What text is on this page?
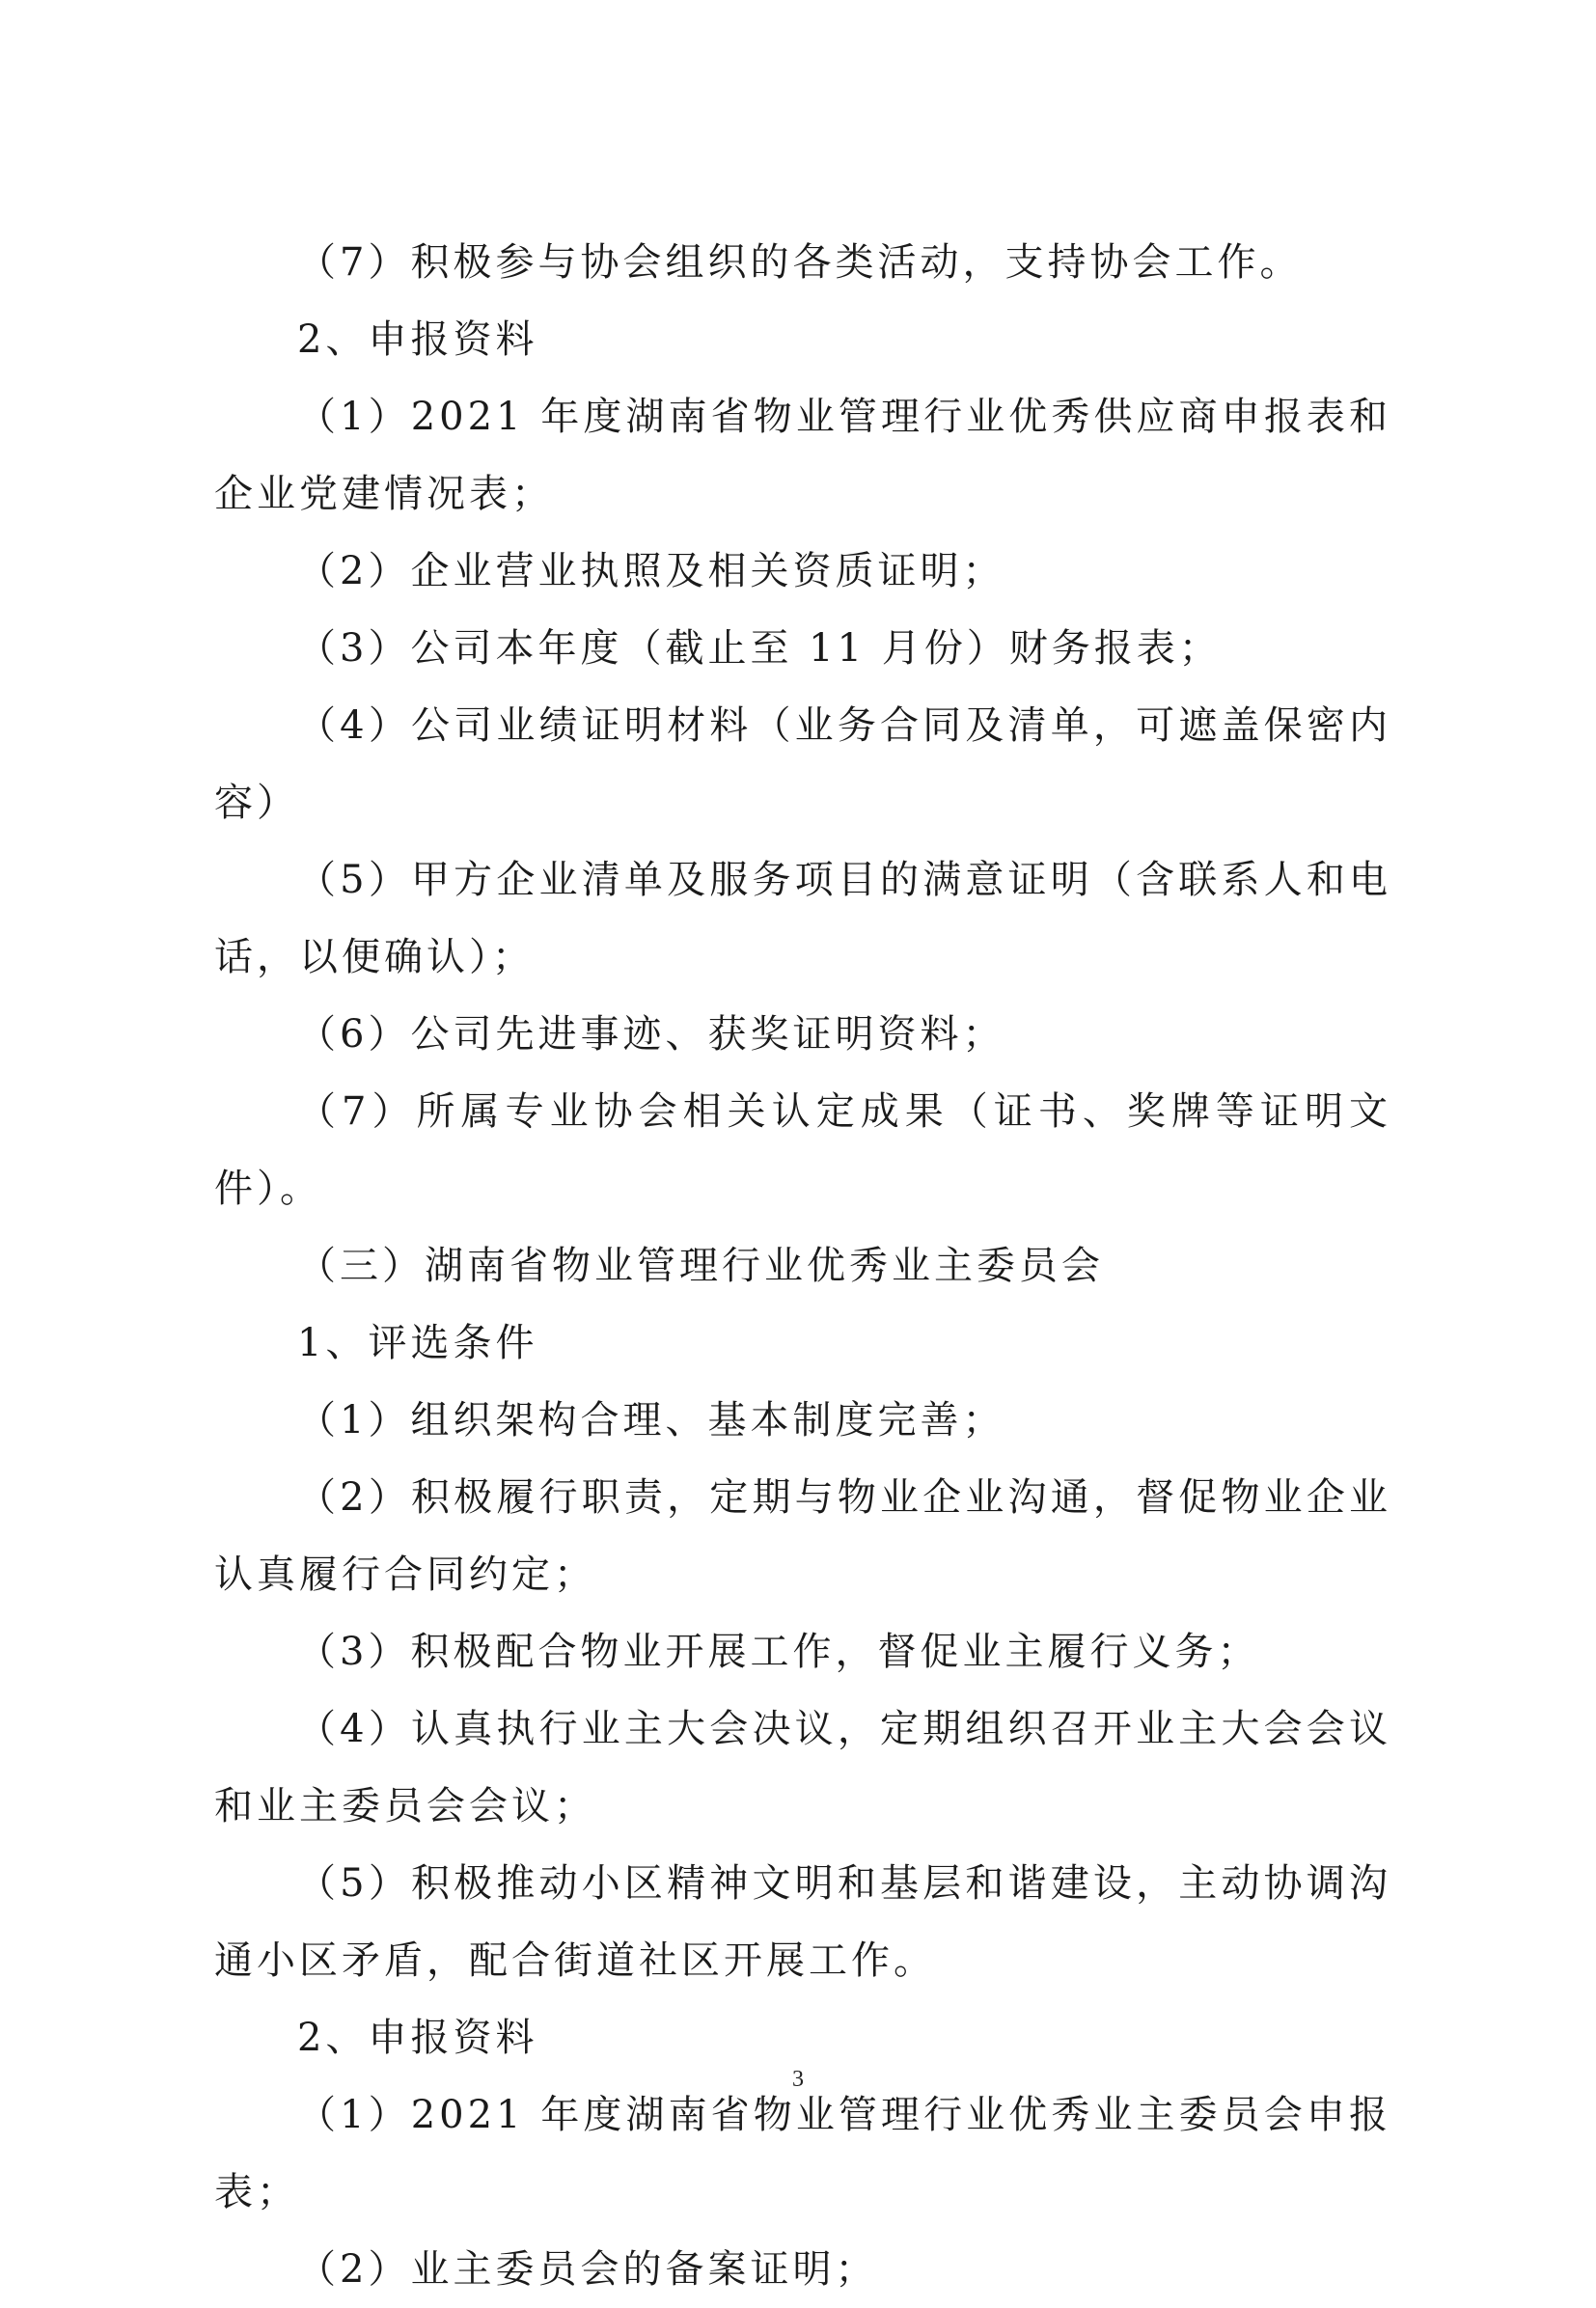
（7）积极参与协会组织的各类活动，支持协会工作。

2、申报资料

（1）2021 年度湖南省物业管理行业优秀供应商申报表和企业党建情况表；

（2）企业营业执照及相关资质证明；

（3）公司本年度（截止至 11 月份）财务报表；

（4）公司业绩证明材料（业务合同及清单，可遮盖保密内容）

（5）甲方企业清单及服务项目的满意证明（含联系人和电话，以便确认）；

（6）公司先进事迹、获奖证明资料；

（7）所属专业协会相关认定成果（证书、奖牌等证明文件）。

（三）湖南省物业管理行业优秀业主委员会

1、评选条件

（1）组织架构合理、基本制度完善；

（2）积极履行职责，定期与物业企业沟通，督促物业企业认真履行合同约定；

（3）积极配合物业开展工作，督促业主履行义务；

（4）认真执行业主大会决议，定期组织召开业主大会会议和业主委员会会议；

（5）积极推动小区精神文明和基层和谐建设，主动协调沟通小区矛盾，配合街道社区开展工作。

2、申报资料

（1）2021 年度湖南省物业管理行业优秀业主委员会申报表；

（2）业主委员会的备案证明；

3
